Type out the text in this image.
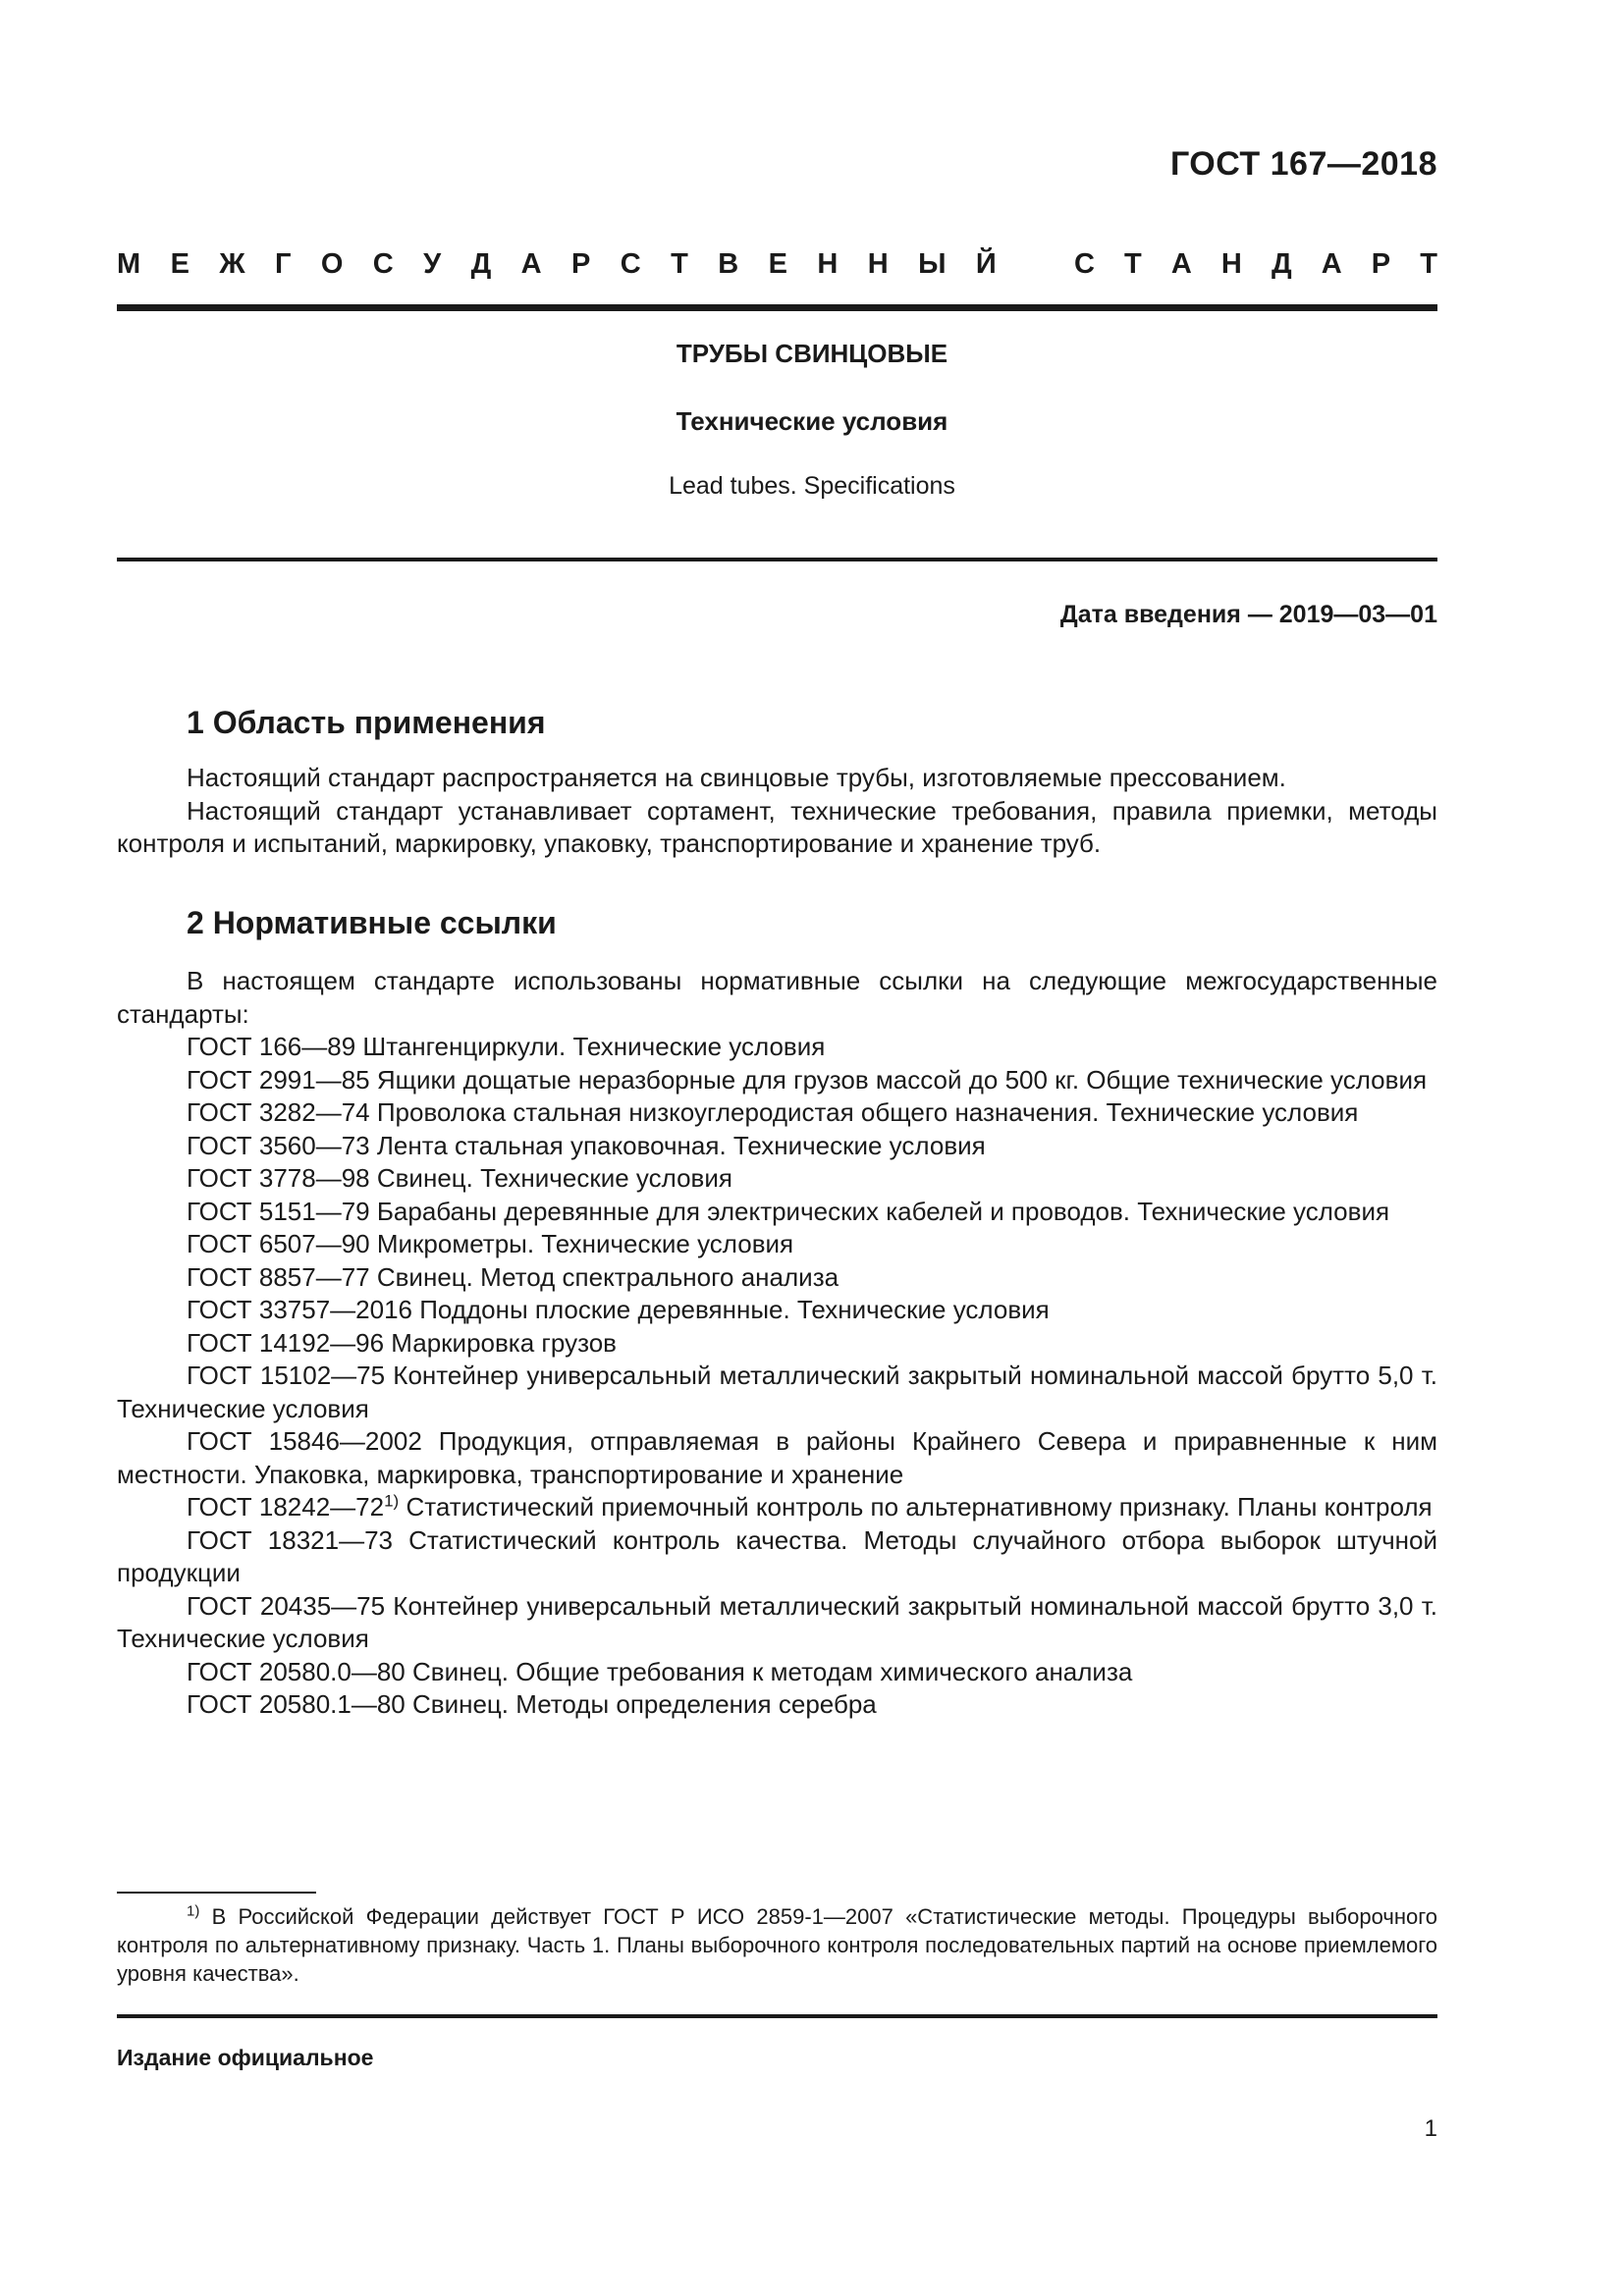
ГОСТ 167—2018
М Е Ж Г О С У Д А Р С Т В Е Н Н Ы Й	С Т А Н Д А Р Т
ТРУБЫ СВИНЦОВЫЕ
Технические условия
Lead tubes. Specifications
Дата введения — 2019—03—01
1 Область применения

Настоящий стандарт распространяется на свинцовые трубы, изготовляемые прессованием.

Настоящий стандарт устанавливает сортамент, технические требования, правила приемки, методы контроля и испытаний, маркировку, упаковку, транспортирование и хранение труб.

2 Нормативные ссылки

В настоящем стандарте использованы нормативные ссылки на следующие межгосударственные стандарты:

ГОСТ 166—89 Штангенциркули. Технические условия

ГОСТ 2991—85 Ящики дощатые неразборные для грузов массой до 500 кг. Общие технические условия

ГОСТ 3282—74 Проволока стальная низкоуглеродистая общего назначения. Технические условия

ГОСТ 3560—73 Лента стальная упаковочная. Технические условия

ГОСТ 3778—98 Свинец. Технические условия

ГОСТ 5151—79 Барабаны деревянные для электрических кабелей и проводов. Технические условия

ГОСТ 6507—90 Микрометры. Технические условия

ГОСТ 8857—77 Свинец. Метод спектрального анализа

ГОСТ 33757—2016 Поддоны плоские деревянные. Технические условия

ГОСТ 14192—96 Маркировка грузов

ГОСТ 15102—75 Контейнер универсальный металлический закрытый номинальной массой брутто 5,0 т. Технические условия

ГОСТ 15846—2002 Продукция, отправляемая в районы Крайнего Севера и приравненные к ним местности. Упаковка, маркировка, транспортирование и хранение

ГОСТ 18242—72$^{1)}$ Статистический приемочный контроль по альтернативному признаку. Планы контроля

ГОСТ 18321—73 Статистический контроль качества. Методы случайного отбора выборок штучной продукции

ГОСТ 20435—75 Контейнер универсальный металлический закрытый номинальной массой брутто 3,0 т. Технические условия

ГОСТ 20580.0—80 Свинец. Общие требования к методам химического анализа

ГОСТ 20580.1—80 Свинец. Методы определения серебра

$^{1)}$ В Российской Федерации действует ГОСТ Р ИСО 2859-1—2007 «Статистические методы. Процедуры выборочного контроля по альтернативному признаку. Часть 1. Планы выборочного контроля последовательных партий на основе приемлемого уровня качества».

Издание официальное
1
